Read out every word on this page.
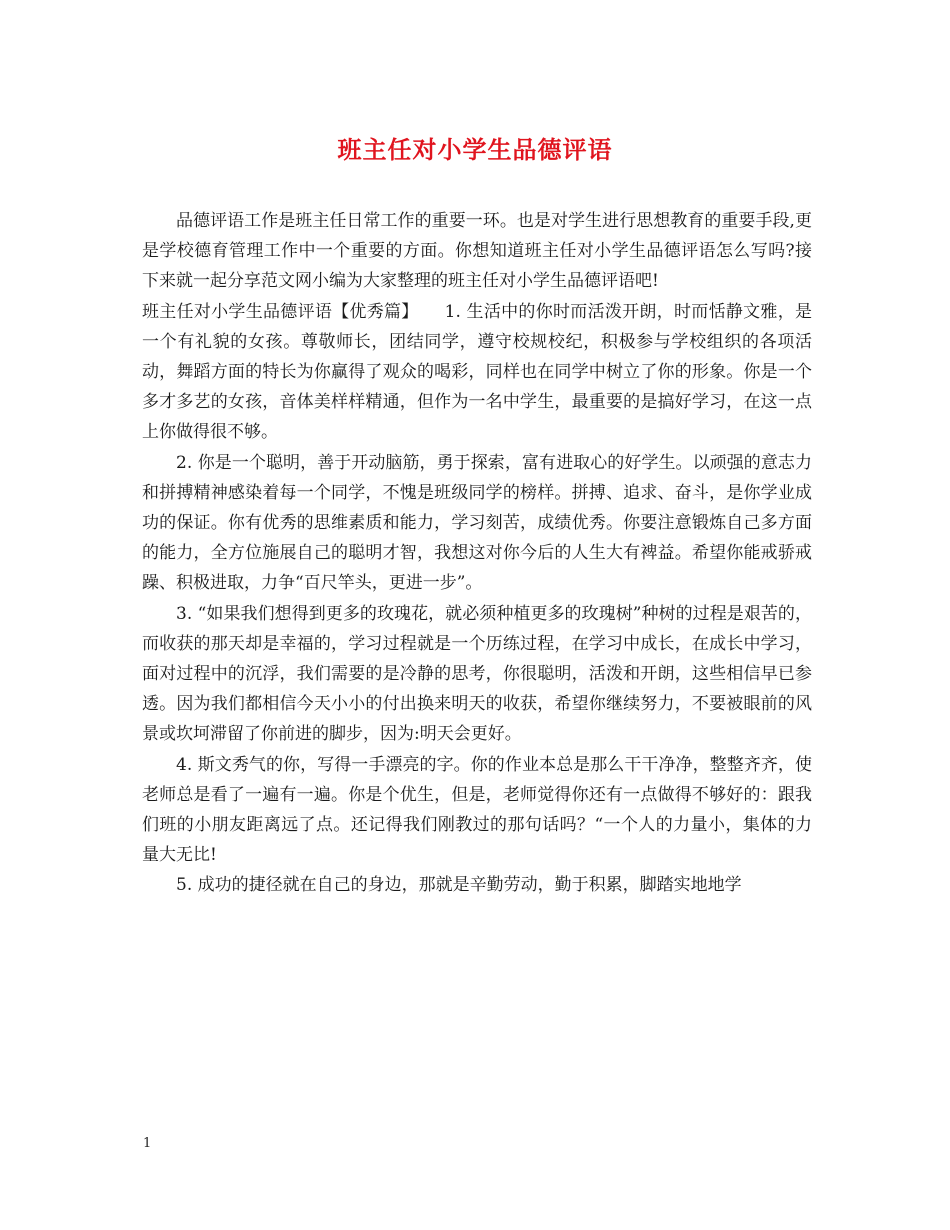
班主任对小学生品德评语

品德评语工作是班主任日常工作的重要一环。也是对学生进行思想教育的重要手段,更是学校德育管理工作中一个重要的方面。你想知道班主任对小学生品德评语怎么写吗?接下来就一起分享范文网小编为大家整理的班主任对小学生品德评语吧!

班主任对小学生品德评语【优秀篇】　　1. 生活中的你时而活泼开朗，时而恬静文雅，是一个有礼貌的女孩。尊敬师长，团结同学，遵守校规校纪，积极参与学校组织的各项活动，舞蹈方面的特长为你赢得了观众的喝彩，同样也在同学中树立了你的形象。你是一个多才多艺的女孩，音体美样样精通，但作为一名中学生，最重要的是搞好学习，在这一点上你做得很不够。

2. 你是一个聪明，善于开动脑筋，勇于探索，富有进取心的好学生。以顽强的意志力和拼搏精神感染着每一个同学，不愧是班级同学的榜样。拼搏、追求、奋斗，是你学业成功的保证。你有优秀的思维素质和能力，学习刻苦，成绩优秀。你要注意锻炼自己多方面的能力，全方位施展自己的聪明才智，我想这对你今后的人生大有裨益。希望你能戒骄戒躁、积极进取，力争“百尺竿头，更进一步”。

3. “如果我们想得到更多的玫瑰花，就必须种植更多的玫瑰树”种树的过程是艰苦的，而收获的那天却是幸福的，学习过程就是一个历练过程，在学习中成长，在成长中学习，面对过程中的沉浮，我们需要的是冷静的思考，你很聪明，活泼和开朗，这些相信早已参透。因为我们都相信今天小小的付出换来明天的收获，希望你继续努力，不要被眼前的风景或坎坷滞留了你前进的脚步，因为:明天会更好。

4. 斯文秀气的你，写得一手漂亮的字。你的作业本总是那么干干净净，整整齐齐，使老师总是看了一遍有一遍。你是个优生，但是，老师觉得你还有一点做得不够好的：跟我们班的小朋友距离远了点。还记得我们刚教过的那句话吗？“一个人的力量小，集体的力量大无比!

5. 成功的捷径就在自己的身边，那就是辛勤劳动，勤于积累，脚踏实地地学

1
